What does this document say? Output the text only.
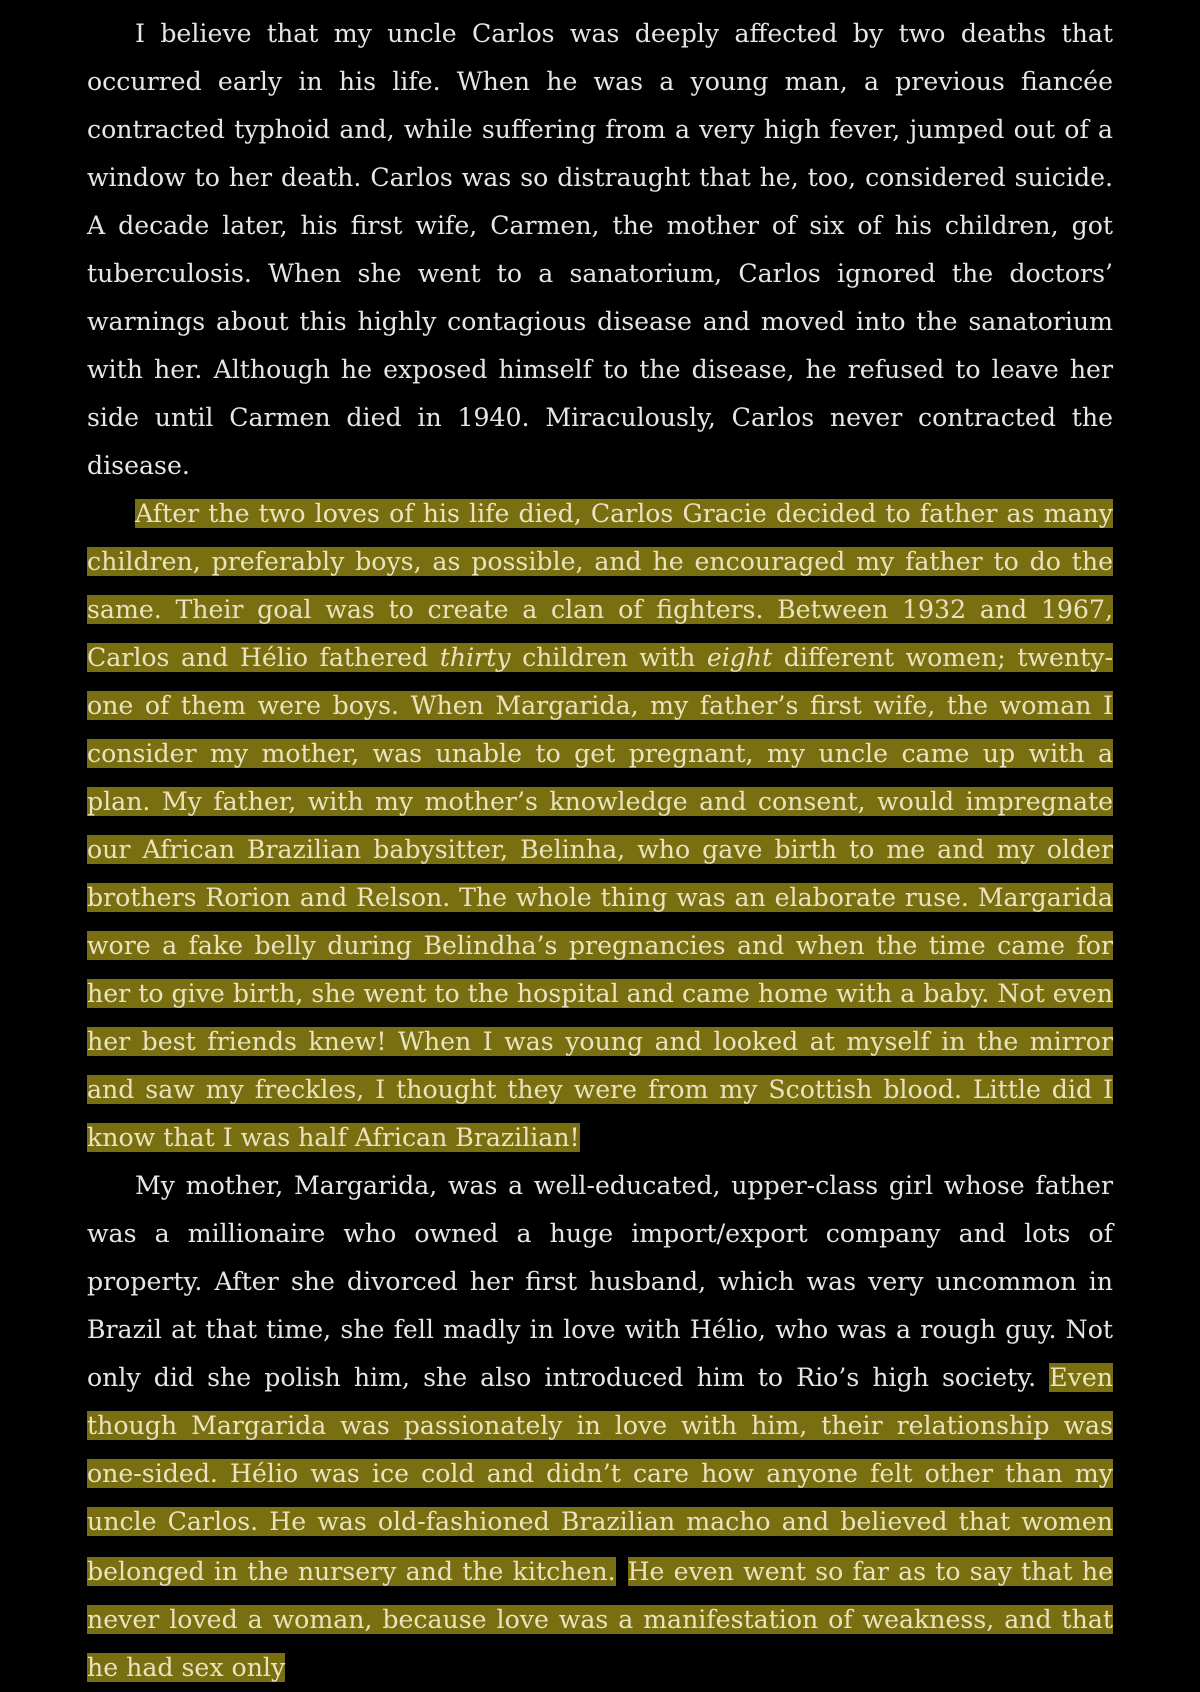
I believe that my uncle Carlos was deeply affected by two deaths that occurred early in his life. When he was a young man, a previous fiancée contracted typhoid and, while suffering from a very high fever, jumped out of a window to her death. Carlos was so distraught that he, too, considered suicide. A decade later, his first wife, Carmen, the mother of six of his children, got tuberculosis. When she went to a sanatorium, Carlos ignored the doctors’ warnings about this highly contagious disease and moved into the sanatorium with her. Although he exposed himself to the disease, he refused to leave her side until Carmen died in 1940. Miraculously, Carlos never contracted the disease.

After the two loves of his life died, Carlos Gracie decided to father as many children, preferably boys, as possible, and he encouraged my father to do the same. Their goal was to create a clan of fighters. Between 1932 and 1967, Carlos and Hélio fathered thirty children with eight different women; twenty-one of them were boys. When Margarida, my father’s first wife, the woman I consider my mother, was unable to get pregnant, my uncle came up with a plan. My father, with my mother’s knowledge and consent, would impregnate our African Brazilian babysitter, Belinha, who gave birth to me and my older brothers Rorion and Relson. The whole thing was an elaborate ruse. Margarida wore a fake belly during Belindha’s pregnancies and when the time came for her to give birth, she went to the hospital and came home with a baby. Not even her best friends knew! When I was young and looked at myself in the mirror and saw my freckles, I thought they were from my Scottish blood. Little did I know that I was half African Brazilian!

My mother, Margarida, was a well-educated, upper-class girl whose father was a millionaire who owned a huge import/export company and lots of property. After she divorced her first husband, which was very uncommon in Brazil at that time, she fell madly in love with Hélio, who was a rough guy. Not only did she polish him, she also introduced him to Rio’s high society. Even though Margarida was passionately in love with him, their relationship was one-sided. Hélio was ice cold and didn’t care how anyone felt other than my uncle Carlos. He was old-fashioned Brazilian macho and believed that women belonged in the nursery and the kitchen. He even went so far as to say that he never loved a woman, because love was a manifestation of weakness, and that he had sex only
